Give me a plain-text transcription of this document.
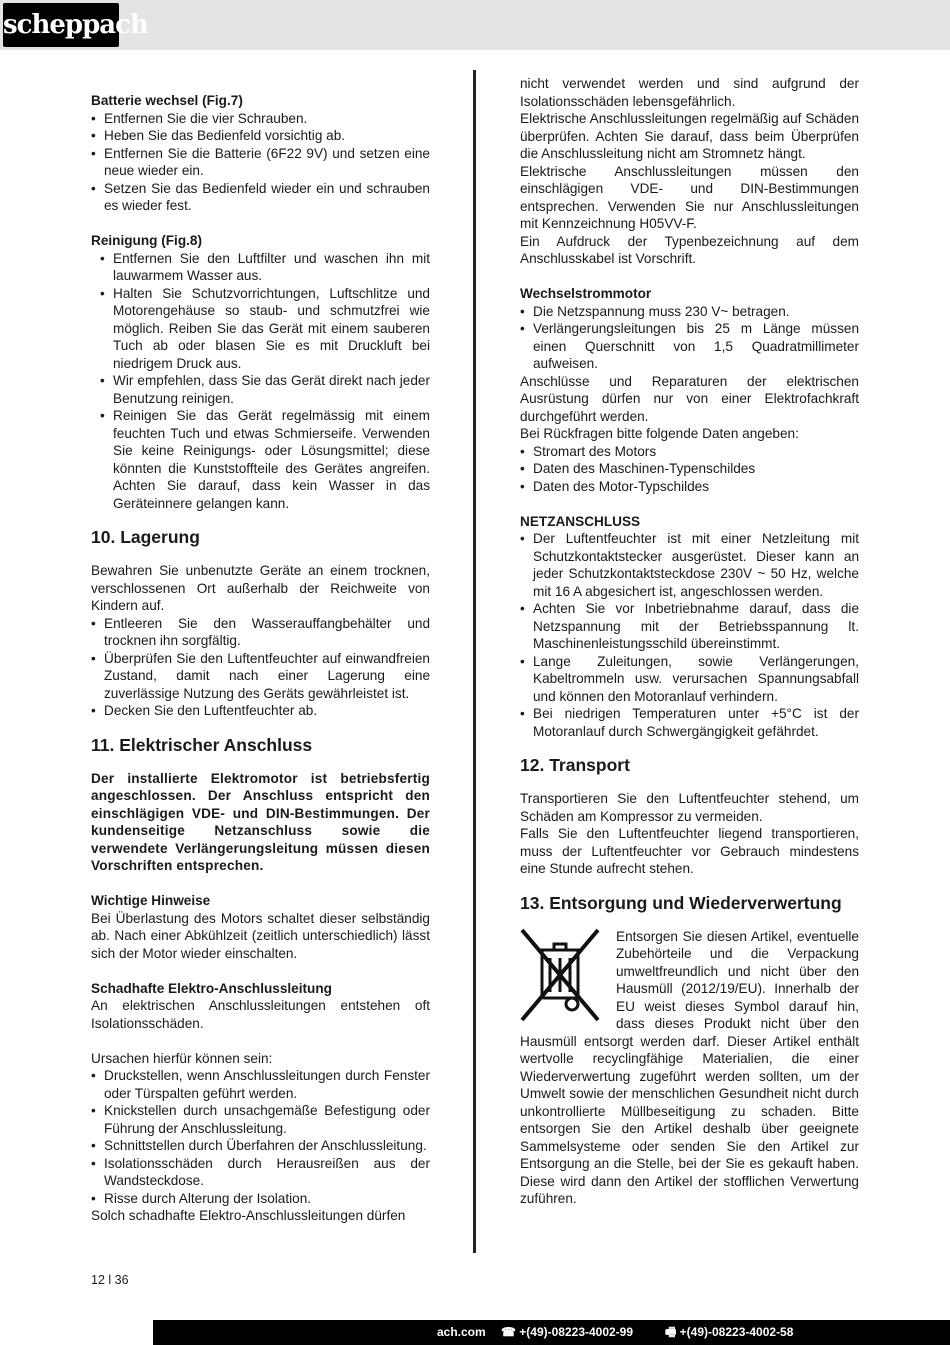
scheppach

Batterie wechsel (Fig.7)

• Entfernen Sie die vier Schrauben.
• Heben Sie das Bedienfeld vorsichtig ab.
• Entfernen Sie die Batterie (6F22 9V) und setzen eine neue wieder ein.
• Setzen Sie das Bedienfeld wieder ein und schrauben es wieder fest.

Reinigung (Fig.8)

• Entfernen Sie den Luftfilter und waschen ihn mit lauwarmem Wasser aus.
• Halten Sie Schutzvorrichtungen, Luftschlitze und Motorengehäuse so staub- und schmutzfrei wie möglich. Reiben Sie das Gerät mit einem sauberen Tuch ab oder blasen Sie es mit Druckluft bei niedrigem Druck aus.
• Wir empfehlen, dass Sie das Gerät direkt nach jeder Benutzung reinigen.
• Reinigen Sie das Gerät regelmässig mit einem feuchten Tuch und etwas Schmierseife. Verwenden Sie keine Reinigungs- oder Lösungsmittel; diese könnten die Kunststoffteile des Gerätes angreifen. Achten Sie darauf, dass kein Wasser in das Geräteinnere gelangen kann.

10. Lagerung

Bewahren Sie unbenutzte Geräte an einem trocknen, verschlossenen Ort außerhalb der Reichweite von Kindern auf.

• Entleeren Sie den Wasserauffangbehälter und trocknen ihn sorgfältig.
• Überprüfen Sie den Luftentfeuchter auf einwandfreien Zustand, damit nach einer Lagerung eine zuverlässige Nutzung des Geräts gewährleistet ist.
• Decken Sie den Luftentfeuchter ab.

11. Elektrischer Anschluss

Der installierte Elektromotor ist betriebsfertig angeschlossen. Der Anschluss entspricht den einschlägigen VDE- und DIN-Bestimmungen. Der kundenseitige Netzanschluss sowie die verwendete Verlängerungsleitung müssen diesen Vorschriften entsprechen.

Wichtige Hinweise

Bei Überlastung des Motors schaltet dieser selbständig ab. Nach einer Abkühlzeit (zeitlich unterschiedlich) lässt sich der Motor wieder einschalten.

Schadhafte Elektro-Anschlussleitung

An elektrischen Anschlussleitungen entstehen oft Isolationsschäden.

Ursachen hierfür können sein:

• Druckstellen, wenn Anschlussleitungen durch Fenster oder Türspalten geführt werden.
• Knickstellen durch unsachgemäße Befestigung oder Führung der Anschlussleitung.
• Schnittstellen durch Überfahren der Anschlussleitung.
• Isolationsschäden durch Herausreißen aus der Wandsteckdose.
• Risse durch Alterung der Isolation.

Solch schadhafte Elektro-Anschlussleitungen dürfen

nicht verwendet werden und sind aufgrund der Isolationsschäden lebensgefährlich.

Elektrische Anschlussleitungen regelmäßig auf Schäden überprüfen. Achten Sie darauf, dass beim Überprüfen die Anschlussleitung nicht am Stromnetz hängt.

Elektrische Anschlussleitungen müssen den einschlägigen VDE- und DIN-Bestimmungen entsprechen. Verwenden Sie nur Anschlussleitungen mit Kennzeichnung H05VV-F.

Ein Aufdruck der Typenbezeichnung auf dem Anschlusskabel ist Vorschrift.

Wechselstrommotor

• Die Netzspannung muss 230 V~ betragen.
• Verlängerungsleitungen bis 25 m Länge müssen einen Querschnitt von 1,5 Quadratmillimeter aufweisen.

Anschlüsse und Reparaturen der elektrischen Ausrüstung dürfen nur von einer Elektrofachkraft durchgeführt werden.

Bei Rückfragen bitte folgende Daten angeben:

• Stromart des Motors
• Daten des Maschinen-Typenschildes
• Daten des Motor-Typschildes

NETZANSCHLUSS

• Der Luftentfeuchter ist mit einer Netzleitung mit Schutzkontaktstecker ausgerüstet. Dieser kann an jeder Schutzkontaktsteckdose 230V ~ 50 Hz, welche mit 16 A abgesichert ist, angeschlossen werden.
• Achten Sie vor Inbetriebnahme darauf, dass die Netzspannung mit der Betriebsspannung lt. Maschinenleistungsschild übereinstimmt.
• Lange Zuleitungen, sowie Verlängerungen, Kabeltrommeln usw. verursachen Spannungsabfall und können den Motoranlauf verhindern.
• Bei niedrigen Temperaturen unter +5°C ist der Motoranlauf durch Schwergängigkeit gefährdet.

12. Transport

Transportieren Sie den Luftentfeuchter stehend, um Schäden am Kompressor zu vermeiden.

Falls Sie den Luftentfeuchter liegend transportieren, muss der Luftentfeuchter vor Gebrauch mindestens eine Stunde aufrecht stehen.

13. Entsorgung und Wiederverwertung

Entsorgen Sie diesen Artikel, eventuelle Zubehörteile und die Verpackung umweltfreundlich und nicht über den Hausmüll (2012/19/EU). Innerhalb der EU weist dieses Symbol darauf hin, dass dieses Produkt nicht über den Hausmüll entsorgt werden darf. Dieser Artikel enthält wertvolle recyclingfähige Materialien, die einer Wiederverwertung zugeführt werden sollten, um der Umwelt sowie der menschlichen Gesundheit nicht durch unkontrollierte Müllbeseitigung zu schaden. Bitte entsorgen Sie den Artikel deshalb über geeignete Sammelsysteme oder senden Sie den Artikel zur Entsorgung an die Stelle, bei der Sie es gekauft haben. Diese wird dann den Artikel der stofflichen Verwertung zuführen.

12 l 36
ach.com ☎ +(49)-08223-4002-99	🖷 +(49)-08223-4002-58
